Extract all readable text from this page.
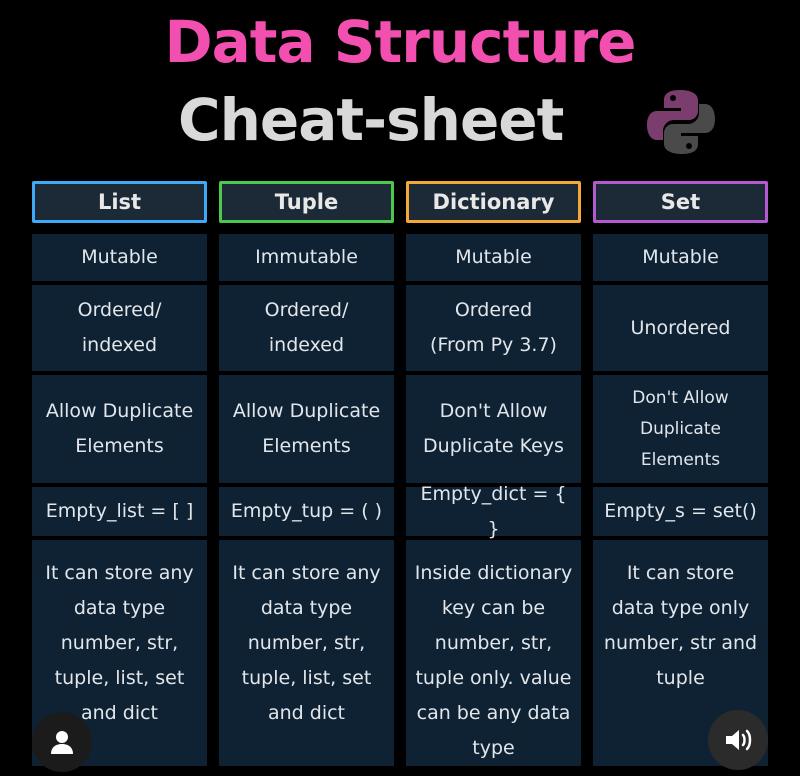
Data Structure
Cheat-sheet
List
Mutable
Ordered/
indexed
Allow Duplicate
Elements
Empty_list = [ ]
It can store any
data type
number, str,
tuple, list, set
and dict
Tuple
Immutable
Ordered/
indexed
Allow Duplicate
Elements
Empty_tup = ( )
It can store any
data type
number, str,
tuple, list, set
and dict
Dictionary
Mutable
Ordered
(From Py 3.7)
Don't Allow
Duplicate Keys
Empty_dict = { }
Inside dictionary
key can be
number, str,
tuple only. value
can be any data
type
Set
Mutable
Unordered
Don't Allow
Duplicate
Elements
Empty_s = set()
It can store
data type only
number, str and
tuple
